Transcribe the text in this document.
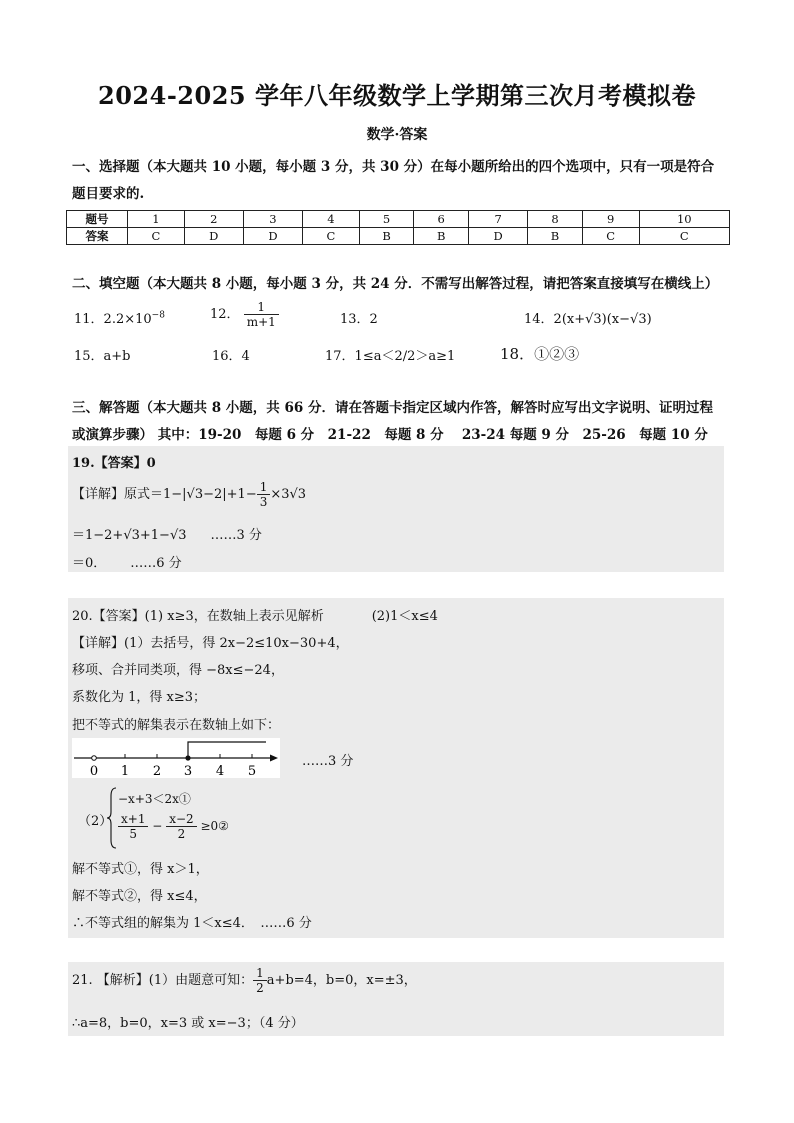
2024-2025 学年八年级数学上学期第三次月考模拟卷
数学·答案
一、选择题（本大题共 10 小题，每小题 3 分，共 30 分）在每小题所给出的四个选项中，只有一项是符合
题目要求的.
题号	1	2	3	4	5	6	7	8	9	10
答案	C	D	D	C	B	B	D	B	C	C
二、填空题（本大题共 8 小题，每小题 3 分，共 24 分．不需写出解答过程，请把答案直接填写在横线上）
11．$2.2\times 10^{-8}$	12． $\frac{1}{m+1}$	13．2	14．2(x+√3)(x−√3)
15．a+b	16．4	17．1≤a＜2/2＞a≥1	18．①②③
三、解答题（本大题共 8 小题，共 66 分．请在答题卡指定区域内作答，解答时应写出文字说明、证明过程
或演算步骤） 其中：19-20　每题 6 分　21-22　每题 8 分　 23-24 每题 9 分　25-26　每题 10 分
19.【答案】0
【详解】原式$=1-|√3-2|+1- \frac{1}{3} \times 3√3$
＝1−2+√3+1−√3 ……3 分
＝0． ……6 分
20.【答案】(1) x≥3，在数轴上表示见解析	(2)1＜x≤4
【详解】(1）去括号，得 2x−2≤10x−30+4，
移项、合并同类项，得 −8x≤−24，
系数化为 1，得 x≥3；
把不等式的解集表示在数轴上如下：
0 1 2 3 4 5
……3 分
（2）
−x+3＜2x①
$\frac{x+1}{5} - \frac{x-2}{2}$ ≥0②
解不等式①，得 x＞1，
解不等式②，得 x≤4，
∴不等式组的解集为 1＜x≤4．　……6 分
21. 【解析】(1）由题意可知： $\frac{1}{2} a+b=4$，b=0，x=±3，
∴a=8，b=0，x=3 或 x=−3；（4 分）
